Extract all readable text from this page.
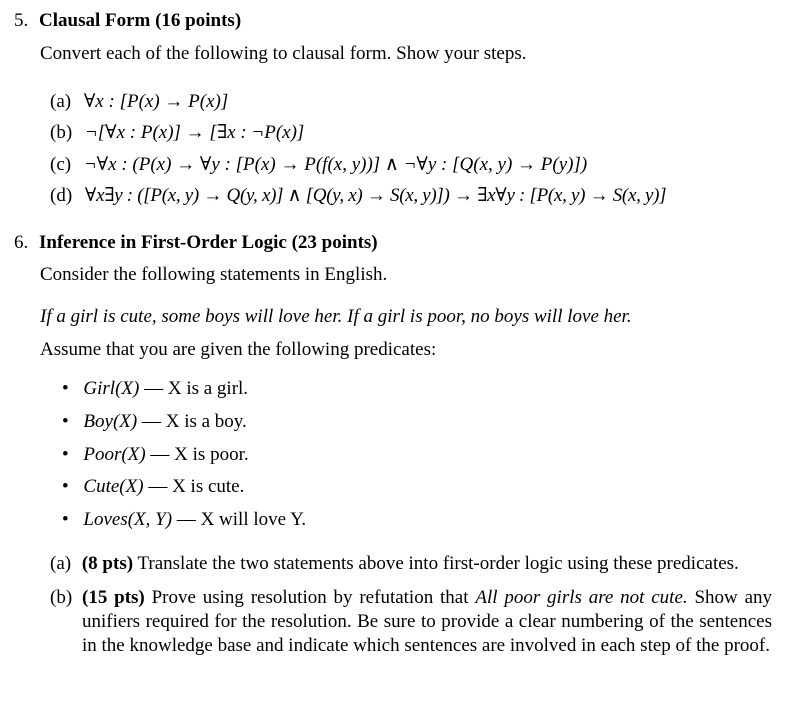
5. Clausal Form (16 points)
Convert each of the following to clausal form. Show your steps.
(a) ∀x : [P(x) → P(x)]
(b) ¬[∀x : P(x)] → [∃x : ¬P(x)]
(c) ¬∀x : (P(x) → ∀y : [P(x) → P(f(x, y))] ∧ ¬∀y : [Q(x, y) → P(y)])
(d) ∀x∃y : ([P(x, y) → Q(y, x)] ∧ [Q(y, x) → S(x, y)]) → ∃x∀y : [P(x, y) → S(x, y)]
6. Inference in First-Order Logic (23 points)
Consider the following statements in English.
If a girl is cute, some boys will love her. If a girl is poor, no boys will love her.
Assume that you are given the following predicates:
• Girl(X) — X is a girl.
• Boy(X) — X is a boy.
• Poor(X) — X is poor.
• Cute(X) — X is cute.
• Loves(X, Y) — X will love Y.
(a) (8 pts) Translate the two statements above into first-order logic using these predicates.
(b) (15 pts) Prove using resolution by refutation that All poor girls are not cute. Show any unifiers required for the resolution. Be sure to provide a clear numbering of the sentences in the knowledge base and indicate which sentences are involved in each step of the proof.
